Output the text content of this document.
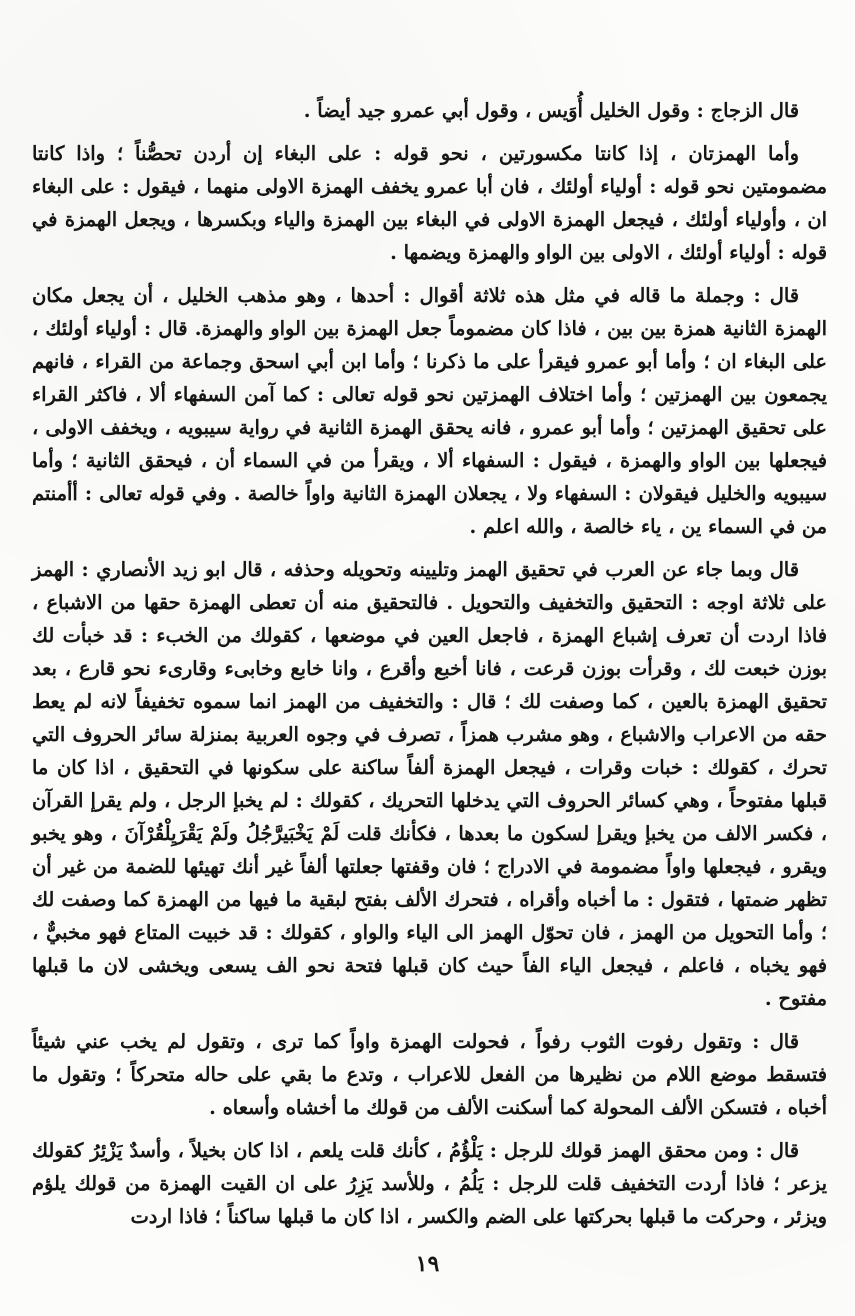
قال الزجاج : وقول الخليل أُوَيس ، وقول أبي عمرو جيد أيضاً .

وأما الهمزتان ، إذا كانتا مكسورتين ، نحو قوله : على البغاء إن أردن تحصُّناً ؛ واذا كانتا مضمومتين نحو قوله : أولياء أولئك ، فان أبا عمرو يخفف الهمزة الاولى منهما ، فيقول : على البغاء ان ، وأولياء أولئك ، فيجعل الهمزة الاولى في البغاء بين الهمزة والياء وبكسرها ، ويجعل الهمزة في قوله : أولياء أولئك ، الاولى بين الواو والهمزة ويضمها .

قال : وجملة ما قاله في مثل هذه ثلاثة أقوال : أحدها ، وهو مذهب الخليل ، أن يجعل مكان الهمزة الثانية همزة بين بين ، فاذا كان مضموماً جعل الهمزة بين الواو والهمزة. قال : أولياء أولئك ، على البغاء ان ؛ وأما أبو عمرو فيقرأ على ما ذكرنا ؛ وأما ابن أبي اسحق وجماعة من القراء ، فانهم يجمعون بين الهمزتين ؛ وأما اختلاف الهمزتين نحو قوله تعالى : كما آمن السفهاء ألا ، فاكثر القراء على تحقيق الهمزتين ؛ وأما أبو عمرو ، فانه يحقق الهمزة الثانية في رواية سيبويه ، ويخفف الاولى ، فيجعلها بين الواو والهمزة ، فيقول : السفهاء ألا ، ويقرأ من في السماء أن ، فيحقق الثانية ؛ وأما سيبويه والخليل فيقولان : السفهاء ولا ، يجعلان الهمزة الثانية واواً خالصة . وفي قوله تعالى : أأمنتم من في السماء ين ، ياء خالصة ، والله اعلم .

قال وبما جاء عن العرب في تحقيق الهمز وتليينه وتحويله وحذفه ، قال ابو زيد الأنصاري : الهمز على ثلاثة اوجه : التحقيق والتخفيف والتحويل . فالتحقيق منه أن تعطى الهمزة حقها من الاشباع ، فاذا اردت أن تعرف إشباع الهمزة ، فاجعل العين في موضعها ، كقولك من الخبء : قد خبأت لك بوزن خبعت لك ، وقرأت بوزن قرعت ، فانا أخبع وأقرع ، وانا خابع وخابىء وقارىء نحو قارع ، بعد تحقيق الهمزة بالعين ، كما وصفت لك ؛ قال : والتخفيف من الهمز انما سموه تخفيفاً لانه لم يعط حقه من الاعراب والاشباع ، وهو مشرب همزاً ، تصرف في وجوه العربية بمنزلة سائر الحروف التي تحرك ، كقولك : خبات وقرات ، فيجعل الهمزة ألفاً ساكنة على سكونها في التحقيق ، اذا كان ما قبلها مفتوحاً ، وهي كسائر الحروف التي يدخلها التحريك ، كقولك : لم يخبإ الرجل ، ولم يقرإ القرآن ، فكسر الالف من يخبإ ويقرإ لسكون ما بعدها ، فكأنك قلت لَمْ يَخْبَيرَّجُلُ ولَمْ يَقْرَيِلْقُرْآنَ ، وهو يخبو ويقرو ، فيجعلها واواً مضمومة في الادراج ؛ فان وقفتها جعلتها ألفاً غير أنك تهيئها للضمة من غير أن تظهر ضمتها ، فتقول : ما أخباه وأقراه ، فتحرك الألف بفتح لبقية ما فيها من الهمزة كما وصفت لك ؛ وأما التحويل من الهمز ، فان تحوّل الهمز الى الياء والواو ، كقولك : قد خبيت المتاع فهو مخبيٌّ ، فهو يخباه ، فاعلم ، فيجعل الياء الفاً حيث كان قبلها فتحة نحو الف يسعى ويخشى لان ما قبلها مفتوح .

قال : وتقول رفوت الثوب رفواً ، فحولت الهمزة واواً كما ترى ، وتقول لم يخب عني شيئاً فتسقط موضع اللام من نظيرها من الفعل للاعراب ، وتدع ما بقي على حاله متحركاً ؛ وتقول ما أخباه ، فتسكن الألف المحولة كما أسكنت الألف من قولك ما أخشاه وأسعاه .

قال : ومن محقق الهمز قولك للرجل : يَلْؤُمُ ، كأنك قلت يلعم ، اذا كان بخيلاً ، وأسدٌ يَزْئِرُ كقولك يزعر ؛ فاذا أردت التخفيف قلت للرجل : يَلُمُ ، وللأسد يَزِرُ على ان القيت الهمزة من قولك يلؤم ويزئر ، وحركت ما قبلها بحركتها على الضم والكسر ، اذا كان ما قبلها ساكناً ؛ فاذا اردت

١٩
